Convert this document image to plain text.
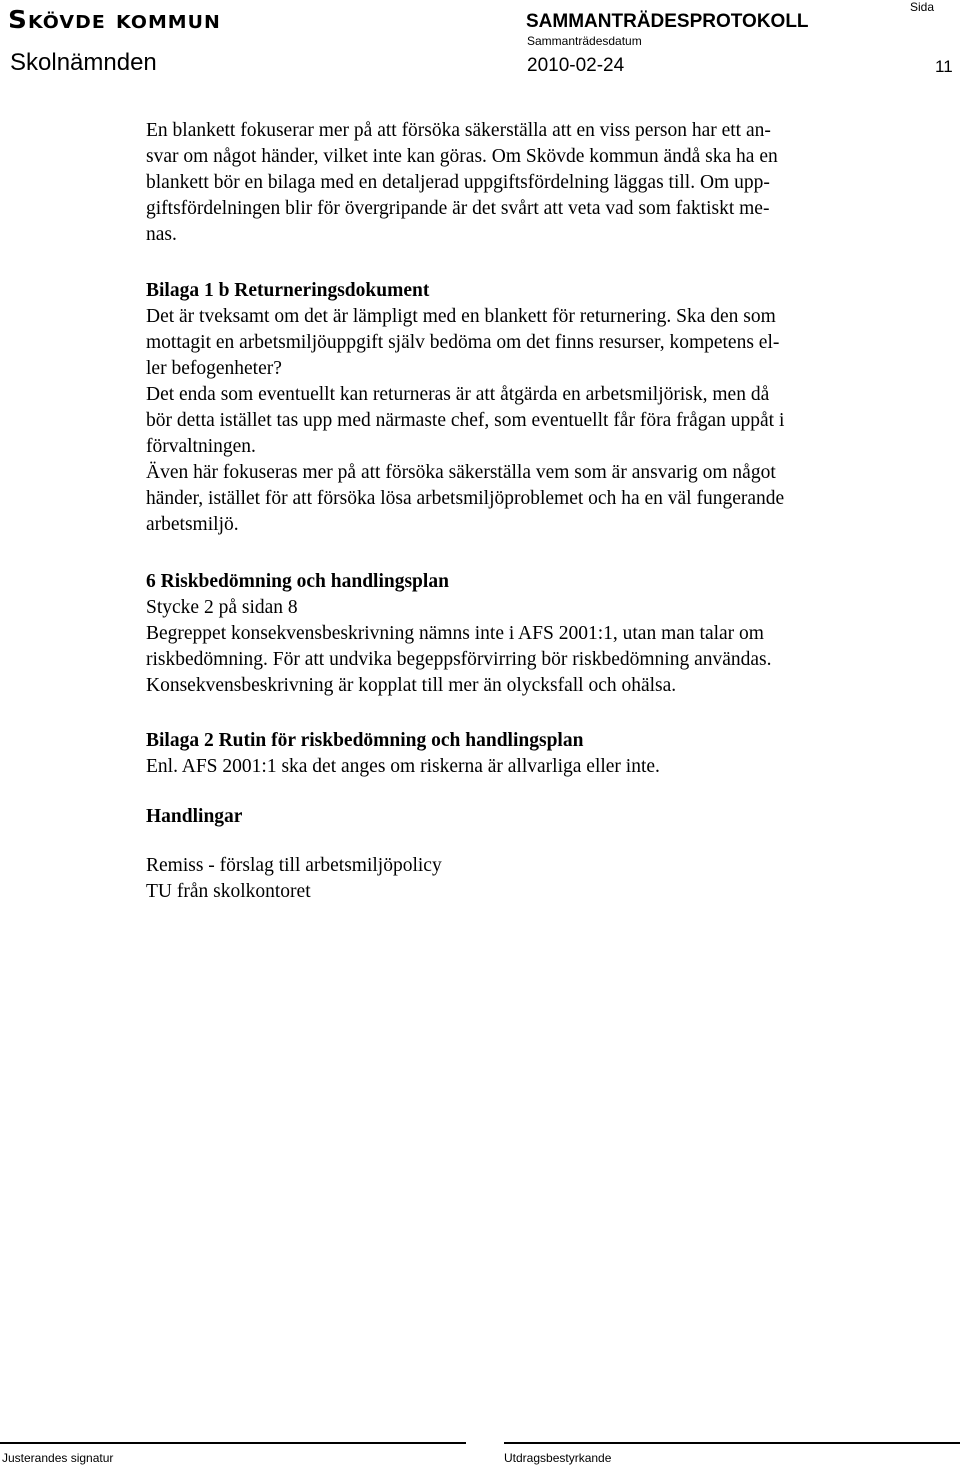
Skövde kommun	SAMMANTRÄDESPROTOKOLL
Sida
Sammanträdesdatum
Skolnämnden	2010-02-24	11
En blankett fokuserar mer på att försöka säkerställa att en viss person har ett an-
svar om något händer, vilket inte kan göras. Om Skövde kommun ändå ska ha en
blankett bör en bilaga med en detaljerad uppgiftsfördelning läggas till. Om upp-
giftsfördelningen blir för övergripande är det svårt att veta vad som faktiskt me-
nas.
Bilaga 1 b Returneringsdokument
Det är tveksamt om det är lämpligt med en blankett för returnering. Ska den som
mottagit en arbetsmiljöuppgift själv bedöma om det finns resurser, kompetens el-
ler befogenheter?
Det enda som eventuellt kan returneras är att åtgärda en arbetsmiljörisk, men då
bör detta istället tas upp med närmaste chef, som eventuellt får föra frågan uppåt i
förvaltningen.
Även här fokuseras mer på att försöka säkerställa vem som är ansvarig om något
händer, istället för att försöka lösa arbetsmiljöproblemet och ha en väl fungerande
arbetsmiljö.
6 Riskbedömning och handlingsplan
Stycke 2 på sidan 8
Begreppet konsekvensbeskrivning nämns inte i AFS 2001:1, utan man talar om
riskbedömning. För att undvika begeppsförvirring bör riskbedömning användas.
Konsekvensbeskrivning är kopplat till mer än olycksfall och ohälsa.
Bilaga 2 Rutin för riskbedömning och handlingsplan
Enl. AFS 2001:1 ska det anges om riskerna är allvarliga eller inte.
Handlingar
Remiss - förslag till arbetsmiljöpolicy
TU från skolkontoret
Justerandes signatur	Utdragsbestyrkande
